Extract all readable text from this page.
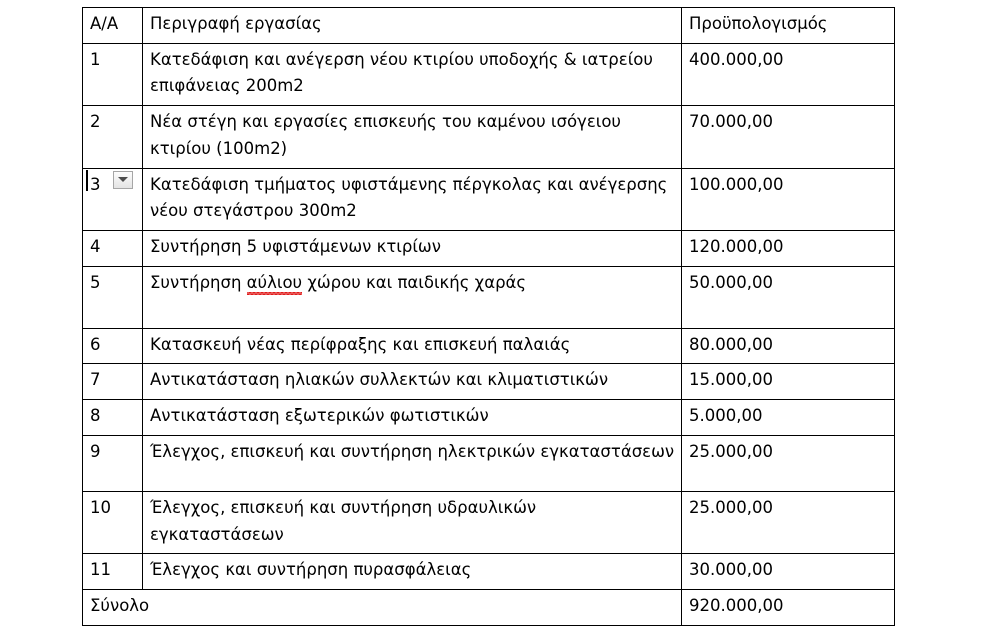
Α/Α	Περιγραφή εργασίας	Προϋπολογισμός
1	Κατεδάφιση και ανέγερση νέου κτιρίου υποδοχής & ιατρείου επιφάνειας 200m2	400.000,00
2	Νέα στέγη και εργασίες επισκευής του καμένου ισόγειου κτιρίου (100m2)	70.000,00

3	Κατεδάφιση τμήματος υφιστάμενης πέργκολας και ανέγερσης νέου στεγάστρου 300m2	100.000,00
4	Συντήρηση 5 υφιστάμενων κτιρίων	120.000,00
5	Συντήρηση αύλιου χώρου και παιδικής χαράς	50.000,00
6	Κατασκευή νέας περίφραξης και επισκευή παλαιάς	80.000,00
7	Αντικατάσταση ηλιακών συλλεκτών και κλιματιστικών	15.000,00
8	Αντικατάσταση εξωτερικών φωτιστικών	5.000,00
9	Έλεγχος, επισκευή και συντήρηση ηλεκτρικών εγκαταστάσεων	25.000,00
10	Έλεγχος, επισκευή και συντήρηση υδραυλικών εγκαταστάσεων	25.000,00
11	Έλεγχος και συντήρηση πυρασφάλειας	30.000,00
Σύνολο		920.000,00
